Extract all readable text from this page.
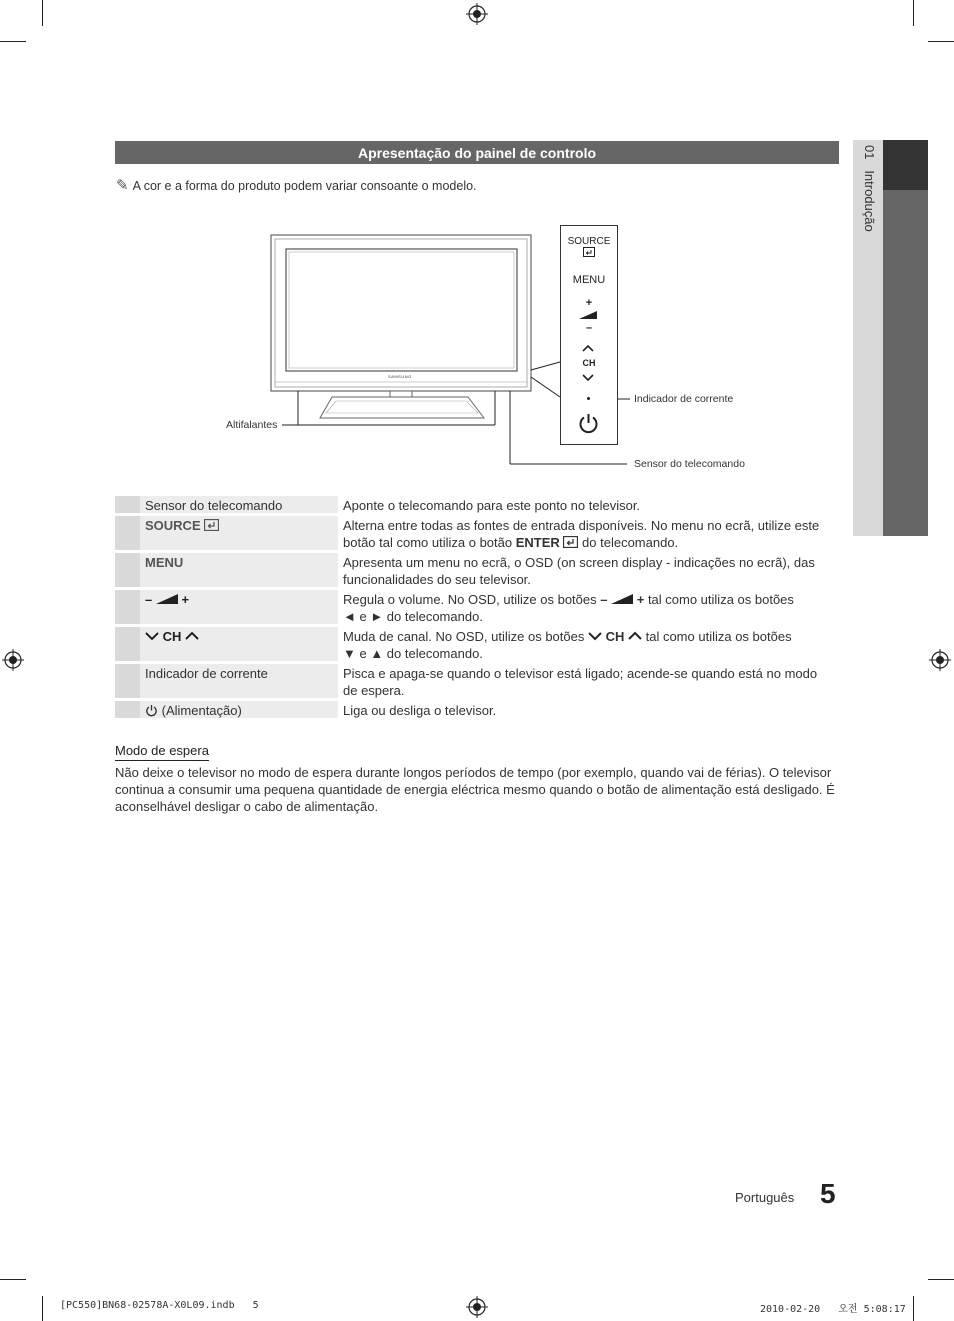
01   Introdução
Apresentação do painel de controlo
✎ A cor e a forma do produto podem variar consoante o modelo.
SAMSUNG
SOURCE
MENU
+
–
CH
Altifalantes
Indicador de corrente
Sensor do telecomando
Sensor do telecomando	Aponte o telecomando para este ponto no televisor.
SOURCE	Alterna entre todas as fontes de entrada disponíveis. No menu no ecrã, utilize este botão tal como utiliza o botão ENTER  do telecomando.
MENU	Apresenta um menu no ecrã, o OSD (on screen display - indicações no ecrã), das funcionalidades do seu televisor.
– +	Regula o volume. No OSD, utilize os botões – + tal como utiliza os botões
◄ e ► do telecomando.
CH	Muda de canal. No OSD, utilize os botões  CH  tal como utiliza os botões
▼ e ▲ do telecomando.
Indicador de corrente	Pisca e apaga-se quando o televisor está ligado; acende-se quando está no modo de espera.
(Alimentação)	Liga ou desliga o televisor.
Modo de espera
Não deixe o televisor no modo de espera durante longos períodos de tempo (por exemplo, quando vai de férias). O televisor continua a consumir uma pequena quantidade de energia eléctrica mesmo quando o botão de alimentação está desligado. É aconselhável desligar o cabo de alimentação.
Português 5
[PC550]BN68-02578A-X0L09.indb   5	2010-02-20   오전 5:08:17
